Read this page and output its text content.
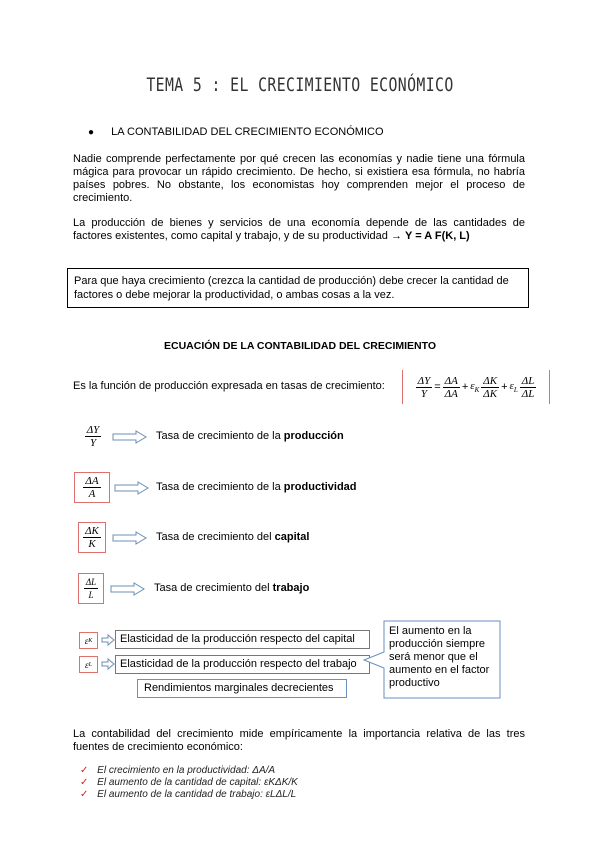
TEMA 5 : EL CRECIMIENTO ECONÓMICO
● LA CONTABILIDAD DEL CRECIMIENTO ECONÓMICO
Nadie comprende perfectamente por qué crecen las economías y nadie tiene una fórmula mágica para provocar un rápido crecimiento. De hecho, si existiera esa fórmula, no habría países pobres. No obstante, los economistas hoy comprenden mejor el proceso de crecimiento.
La producción de bienes y servicios de una economía depende de las cantidades de factores existentes, como capital y trabajo, y de su productividad → Y = A F(K, L)
Para que haya crecimiento (crezca la cantidad de producción) debe crecer la cantidad de factores o debe mejorar la productividad, o ambas cosas a la vez.
ECUACIÓN DE LA CONTABILIDAD DEL CRECIMIENTO
Es la función de producción expresada en tasas de crecimiento:	$\frac{\Delta Y}{Y} = \frac{\Delta A}{\Delta A} + \varepsilon_K \frac{\Delta K}{\Delta K} + \varepsilon_L \frac{\Delta L}{\Delta L}$
$\frac{\Delta Y}{Y}$	Tasa de crecimiento de la producción
$\frac{\Delta A}{A}$	Tasa de crecimiento de la productividad
$\frac{\Delta K}{K}$	Tasa de crecimiento del capital
$\frac{\Delta L}{L}$	Tasa de crecimiento del trabajo
ε K	Elasticidad de la producción respecto del capital
ε L	Elasticidad de la producción respecto del trabajo
Rendimientos marginales decrecientes
El aumento en la producción siempre será menor que el aumento en el factor productivo
La contabilidad del crecimiento mide empíricamente la importancia relativa de las tres fuentes de crecimiento económico:
✓ El crecimiento en la productividad: ΔA/A
✓ El aumento de la cantidad de capital: εKΔK/K
✓ El aumento de la cantidad de trabajo: εLΔL/L
